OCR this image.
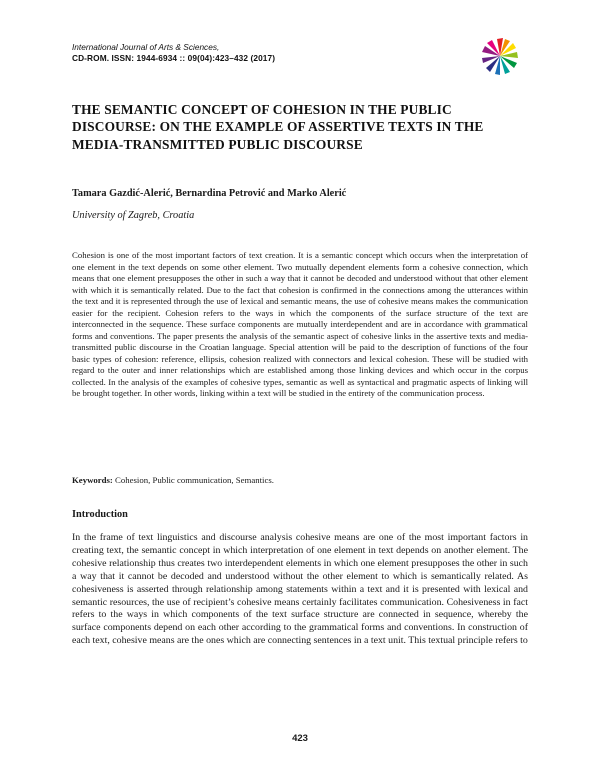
International Journal of Arts & Sciences,
CD-ROM. ISSN: 1944-6934 :: 09(04):423–432 (2017)
THE SEMANTIC CONCEPT OF COHESION IN THE PUBLIC
DISCOURSE: ON THE EXAMPLE OF ASSERTIVE TEXTS IN THE
MEDIA-TRANSMITTED PUBLIC DISCOURSE

Tamara Gazdić-Alerić, Bernardina Petrović and Marko Alerić

University of Zagreb, Croatia

Cohesion is one of the most important factors of text creation. It is a semantic concept which occurs when the interpretation of one element in the text depends on some other element. Two mutually dependent elements form a cohesive connection, which means that one element presupposes the other in such a way that it cannot be decoded and understood without that other element with which it is semantically related. Due to the fact that cohesion is confirmed in the connections among the utterances within the text and it is represented through the use of lexical and semantic means, the use of cohesive means makes the communication easier for the recipient. Cohesion refers to the ways in which the components of the surface structure of the text are interconnected in the sequence. These surface components are mutually interdependent and are in accordance with grammatical forms and conventions. The paper presents the analysis of the semantic aspect of cohesive links in the assertive texts and media-transmitted public discourse in the Croatian language. Special attention will be paid to the description of functions of the four basic types of cohesion: reference, ellipsis, cohesion realized with connectors and lexical cohesion. These will be studied with regard to the outer and inner relationships which are established among those linking devices and which occur in the corpus collected. In the analysis of the examples of cohesive types, semantic as well as syntactical and pragmatic aspects of linking will be brought together. In other words, linking within a text will be studied in the entirety of the communication process.

Keywords: Cohesion, Public communication, Semantics.

Introduction

In the frame of text linguistics and discourse analysis cohesive means are one of the most important factors in creating text, the semantic concept in which interpretation of one element in text depends on another element. The cohesive relationship thus creates two interdependent elements in which one element presupposes the other in such a way that it cannot be decoded and understood without the other element to which is semantically related. As cohesiveness is asserted through relationship among statements within a text and it is presented with lexical and semantic resources, the use of recipient’s cohesive means certainly facilitates communication. Cohesiveness in fact refers to the ways in which components of the text surface structure are connected in sequence, whereby the surface components depend on each other according to the grammatical forms and conventions. In construction of each text, cohesive means are the ones which are connecting sentences in a text unit. This textual principle refers to

423
